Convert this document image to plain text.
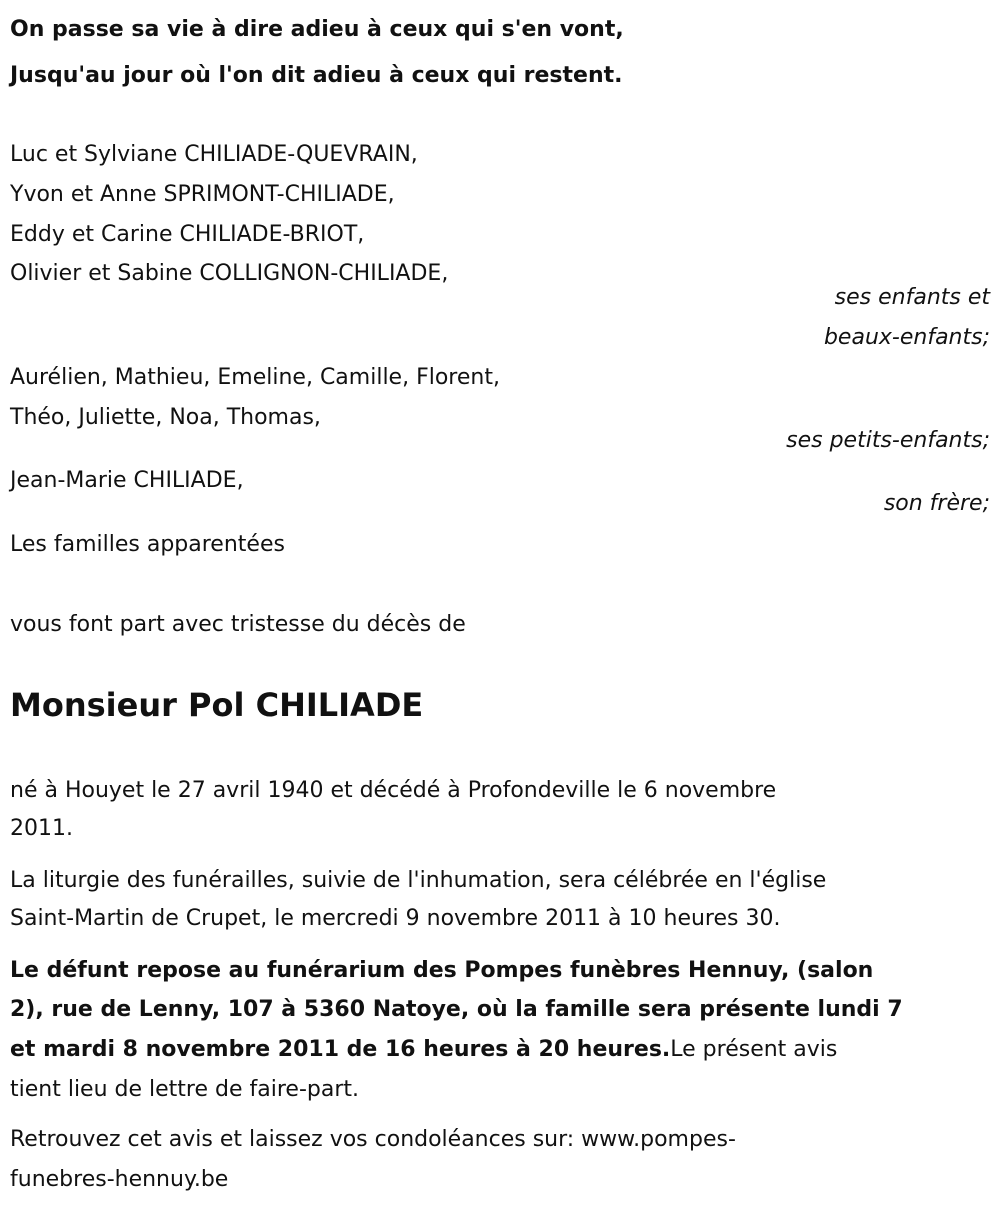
On passe sa vie à dire adieu à ceux qui s'en vont,
Jusqu'au jour où l'on dit adieu à ceux qui restent.
Luc et Sylviane CHILIADE-QUEVRAIN,
Yvon et Anne SPRIMONT-CHILIADE,
Eddy et Carine CHILIADE-BRIOT,
Olivier et Sabine COLLIGNON-CHILIADE,
ses enfants et
beaux-enfants;
Aurélien, Mathieu, Emeline, Camille, Florent,
Théo, Juliette, Noa, Thomas,
ses petits-enfants;
Jean-Marie CHILIADE,
son frère;
Les familles apparentées
vous font part avec tristesse du décès de
Monsieur Pol CHILIADE
né à Houyet le 27 avril 1940 et décédé à Profondeville le 6 novembre
2011.
La liturgie des funérailles, suivie de l'inhumation, sera célébrée en l'église
Saint-Martin de Crupet, le mercredi 9 novembre 2011 à 10 heures 30.
Le défunt repose au funérarium des Pompes funèbres Hennuy, (salon
2), rue de Lenny, 107 à 5360 Natoye, où la famille sera présente lundi 7
et mardi 8 novembre 2011 de 16 heures à 20 heures.Le présent avis
tient lieu de lettre de faire-part.
Retrouvez cet avis et laissez vos condoléances sur: www.pompes-
funebres-hennuy.be
